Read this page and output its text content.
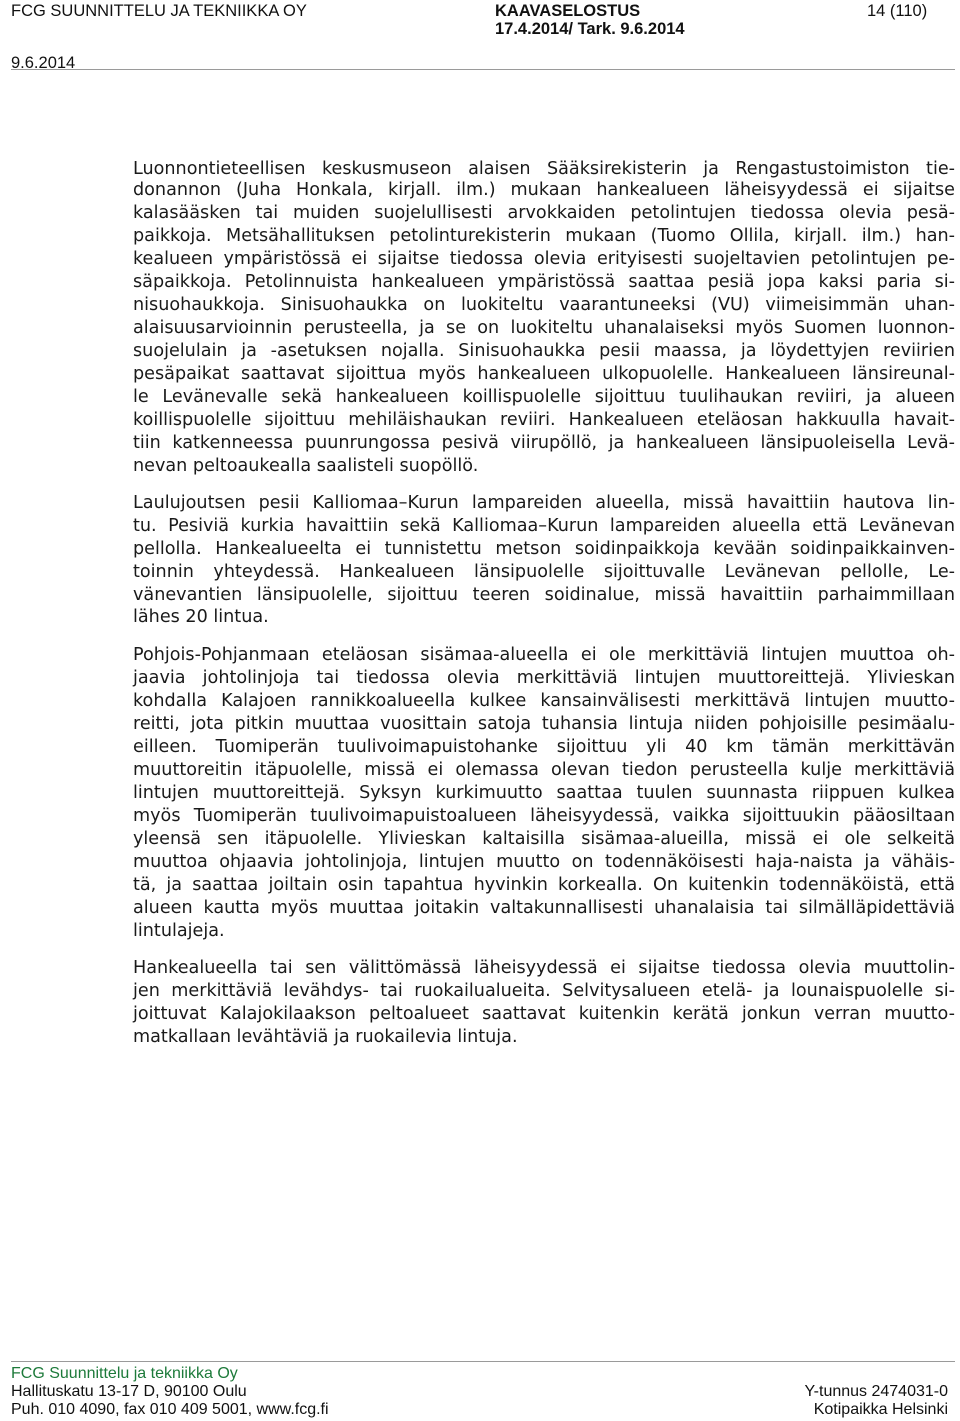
FCG SUUNNITTELU JA TEKNIIKKA OY	KAAVASELOSTUS
17.4.2014/ Tark. 9.6.2014
14 (110)
9.6.2014
Luonnontieteellisen keskusmuseon alaisen Sääksirekisterin ja Rengastustoimiston tie-
donannon (Juha Honkala, kirjall. ilm.) mukaan hankealueen läheisyydessä ei sijaitse
kalasääsken tai muiden suojelullisesti arvokkaiden petolintujen tiedossa olevia pesä-
paikkoja. Metsähallituksen petolinturekisterin mukaan (Tuomo Ollila, kirjall. ilm.) han-
kealueen ympäristössä ei sijaitse tiedossa olevia erityisesti suojeltavien petolintujen pe-
säpaikkoja. Petolinnuista hankealueen ympäristössä saattaa pesiä jopa kaksi paria si-
nisuohaukkoja. Sinisuohaukka on luokiteltu vaarantuneeksi (VU) viimeisimmän uhan-
alaisuusarvioinnin perusteella, ja se on luokiteltu uhanalaiseksi myös Suomen luonnon-
suojelulain ja -asetuksen nojalla. Sinisuohaukka pesii maassa, ja löydettyjen reviirien
pesäpaikat saattavat sijoittua myös hankealueen ulkopuolelle. Hankealueen länsireunal-
le Levänevalle sekä hankealueen koillispuolelle sijoittuu tuulihaukan reviiri, ja alueen
koillispuolelle sijoittuu mehiläishaukan reviiri. Hankealueen eteläosan hakkuulla havait-
tiin katkenneessa puunrungossa pesivä viirupöllö, ja hankealueen länsipuoleisella Levä-
nevan peltoaukealla saalisteli suopöllö.
Laulujoutsen pesii Kalliomaa–Kurun lampareiden alueella, missä havaittiin hautova lin-
tu. Pesiviä kurkia havaittiin sekä Kalliomaa–Kurun lampareiden alueella että Levänevan
pellolla. Hankealueelta ei tunnistettu metson soidinpaikkoja kevään soidinpaikkainven-
toinnin yhteydessä. Hankealueen länsipuolelle sijoittuvalle Levänevan pellolle, Le-
vänevantien länsipuolelle, sijoittuu teeren soidinalue, missä havaittiin parhaimmillaan
lähes 20 lintua.
Pohjois-Pohjanmaan eteläosan sisämaa-alueella ei ole merkittäviä lintujen muuttoa oh-
jaavia johtolinjoja tai tiedossa olevia merkittäviä lintujen muuttoreittejä. Ylivieskan
kohdalla Kalajoen rannikkoalueella kulkee kansainvälisesti merkittävä lintujen muutto-
reitti, jota pitkin muuttaa vuosittain satoja tuhansia lintuja niiden pohjoisille pesimäalu-
eilleen. Tuomiperän tuulivoimapuistohanke sijoittuu yli 40 km tämän merkittävän
muuttoreitin itäpuolelle, missä ei olemassa olevan tiedon perusteella kulje merkittäviä
lintujen muuttoreittejä. Syksyn kurkimuutto saattaa tuulen suunnasta riippuen kulkea
myös Tuomiperän tuulivoimapuistoalueen läheisyydessä, vaikka sijoittuukin pääosiltaan
yleensä sen itäpuolelle. Ylivieskan kaltaisilla sisämaa-alueilla, missä ei ole selkeitä
muuttoa ohjaavia johtolinjoja, lintujen muutto on todennäköisesti haja-naista ja vähäis-
tä, ja saattaa joiltain osin tapahtua hyvinkin korkealla. On kuitenkin todennäköistä, että
alueen kautta myös muuttaa joitakin valtakunnallisesti uhanalaisia tai silmälläpidettäviä
lintulajeja.
Hankealueella tai sen välittömässä läheisyydessä ei sijaitse tiedossa olevia muuttolin-
jen merkittäviä levähdys- tai ruokailualueita. Selvitysalueen etelä- ja lounaispuolelle si-
joittuvat Kalajokilaakson peltoalueet saattavat kuitenkin kerätä jonkun verran muutto-
matkallaan levähtäviä ja ruokailevia lintuja.
FCG Suunnittelu ja tekniikka Oy
Hallituskatu 13-17 D, 90100 Oulu
Puh. 010 4090, fax 010 409 5001, www.fcg.fi
Y-tunnus 2474031-0
Kotipaikka Helsinki
